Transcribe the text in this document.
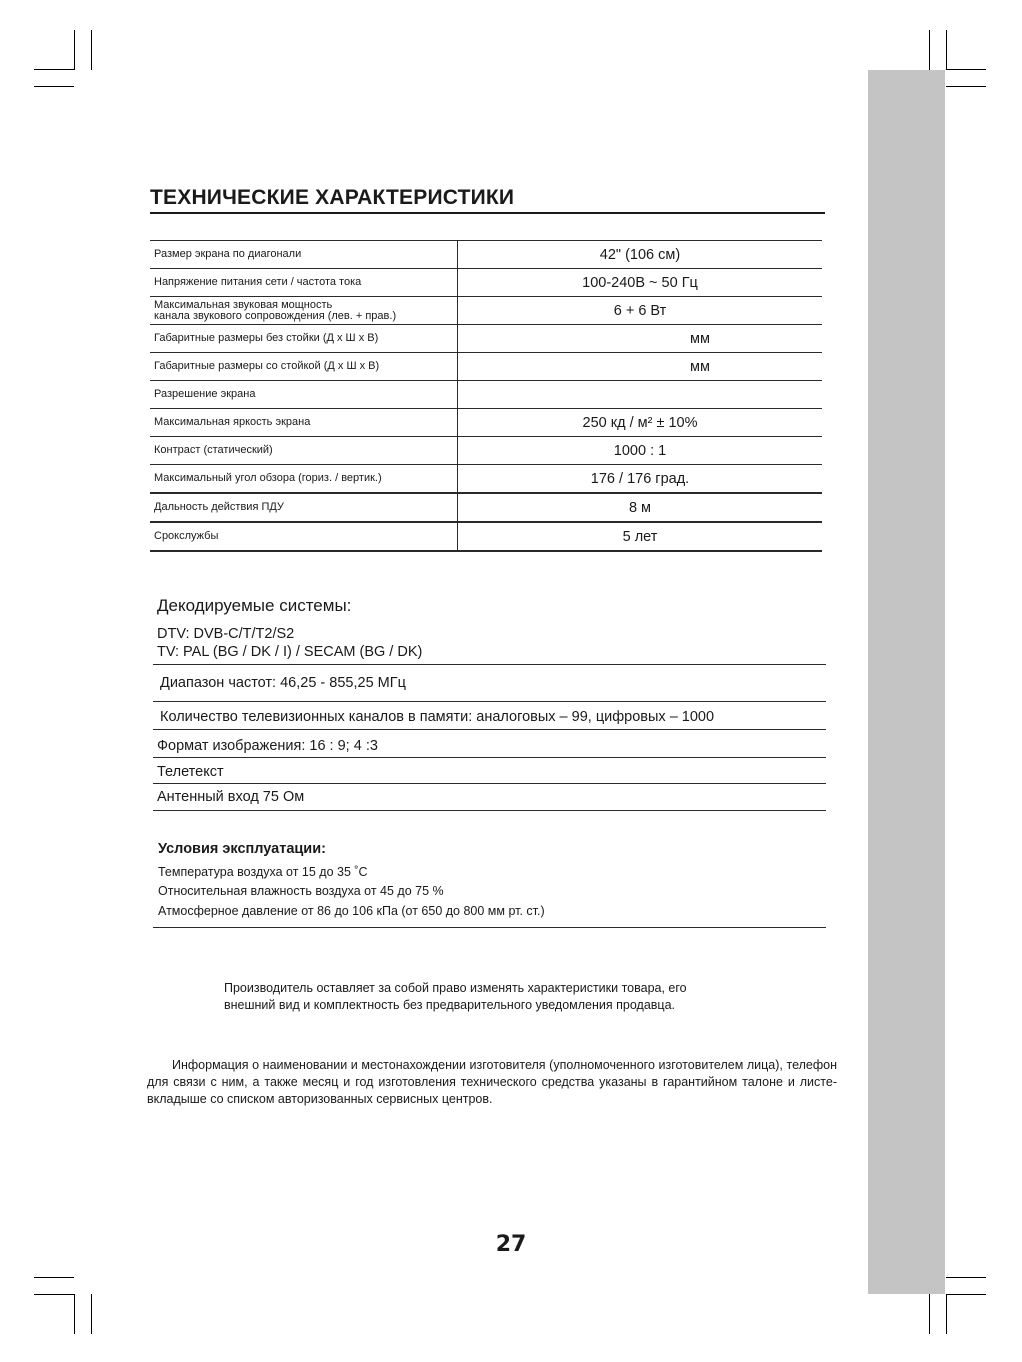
ТЕХНИЧЕСКИЕ ХАРАКТЕРИСТИКИ
Размер экрана по диагонали	42" (106 см)
Напряжение питания сети / частота тока	100-240В ~ 50 Гц

Максимальная звуковая мощность
канала звукового сопровождения (лев. + прав.)	6 + 6 Вт
Габаритные размеры без стойки (Д х Ш х В)	мм
Габаритные размеры со стойкой (Д х Ш х В)	мм
Разрешение экрана	
Максимальная яркость экрана	250 кд / м² ± 10%
Контраст (статический)	1000 : 1
Максимальный угол обзора (гориз. / вертик.)	176 / 176 град.
Дальность действия ПДУ	8 м
Срокслужбы	5 лет
Декодируемые системы:
DTV: DVB-C/T/T2/S2
TV: PAL (BG / DK / I) / SECAM (BG / DK)
Диапазон частот: 46,25 - 855,25 МГц
Количество телевизионных каналов в памяти: аналоговых – 99, цифровых – 1000
Формат изображения: 16 : 9; 4 :3
Телетекст
Антенный вход 75 Ом
Условия эксплуатации:
Температура воздуха от 15 до 35 ˚С
Относительная влажность воздуха от 45 до 75 %
Атмосферное давление от 86 до 106 кПа (от 650 до 800 мм рт. ст.)
Производитель оставляет за собой право изменять характеристики товара, его
внешний вид и комплектность без предварительного уведомления продавца.
Информация о наименовании и местонахождении изготовителя (уполномоченного изготовителем лица), телефон для связи с ним, а также месяц и год изготовления технического средства указаны в гарантийном талоне и листе-вкладыше со списком авторизованных сервисных центров.
27
